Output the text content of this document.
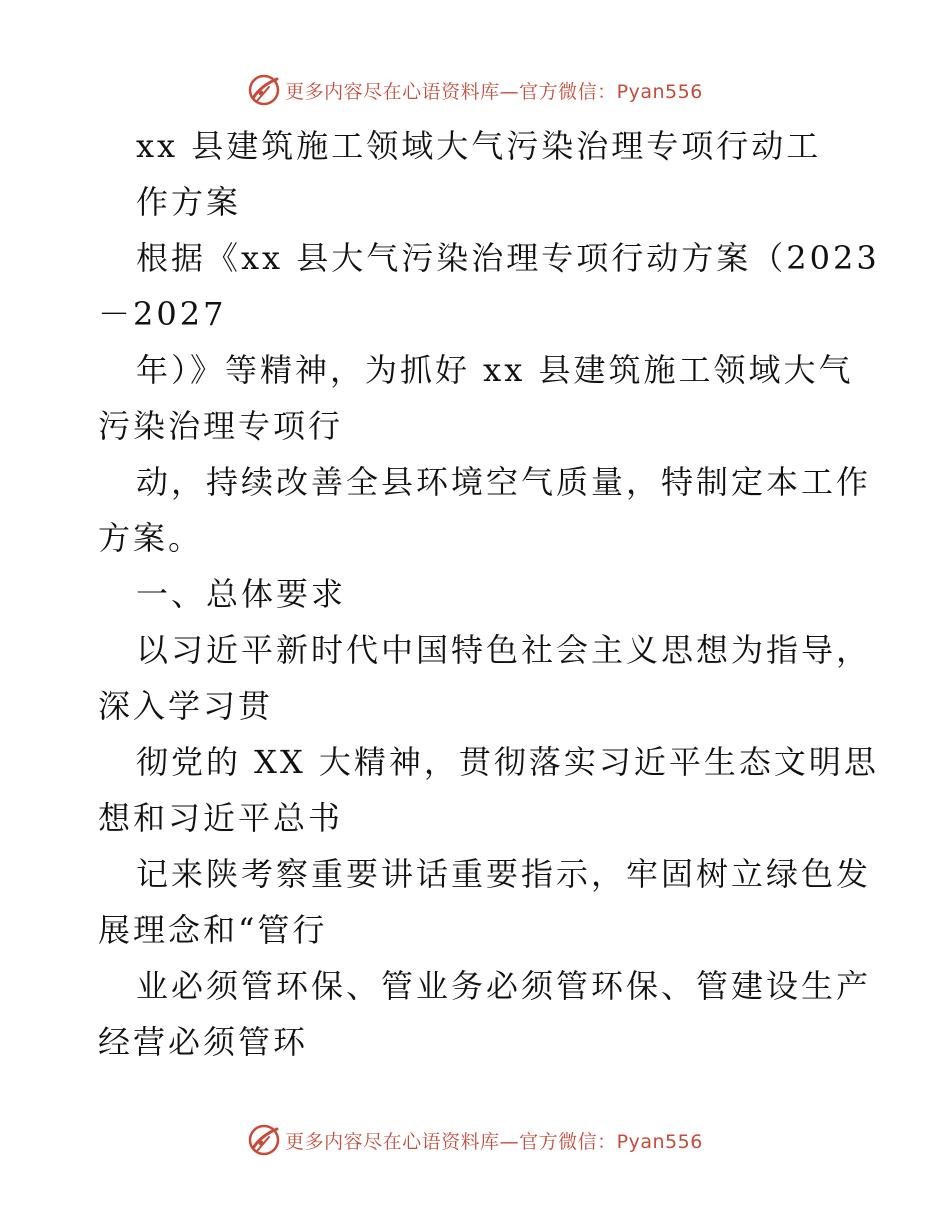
更多内容尽在心语资料库—官方微信：Pyan556
xx 县建筑施工领域大气污染治理专项行动工
作方案
根据《xx 县大气污染治理专项行动方案（2023
－2027
年）》等精神，为抓好 xx 县建筑施工领域大气
污染治理专项行
动，持续改善全县环境空气质量，特制定本工作
方案。
一、总体要求
以习近平新时代中国特色社会主义思想为指导，
深入学习贯
彻党的 XX 大精神，贯彻落实习近平生态文明思
想和习近平总书
记来陕考察重要讲话重要指示，牢固树立绿色发
展理念和“管行
业必须管环保、管业务必须管环保、管建设生产
经营必须管环
更多内容尽在心语资料库—官方微信：Pyan556
